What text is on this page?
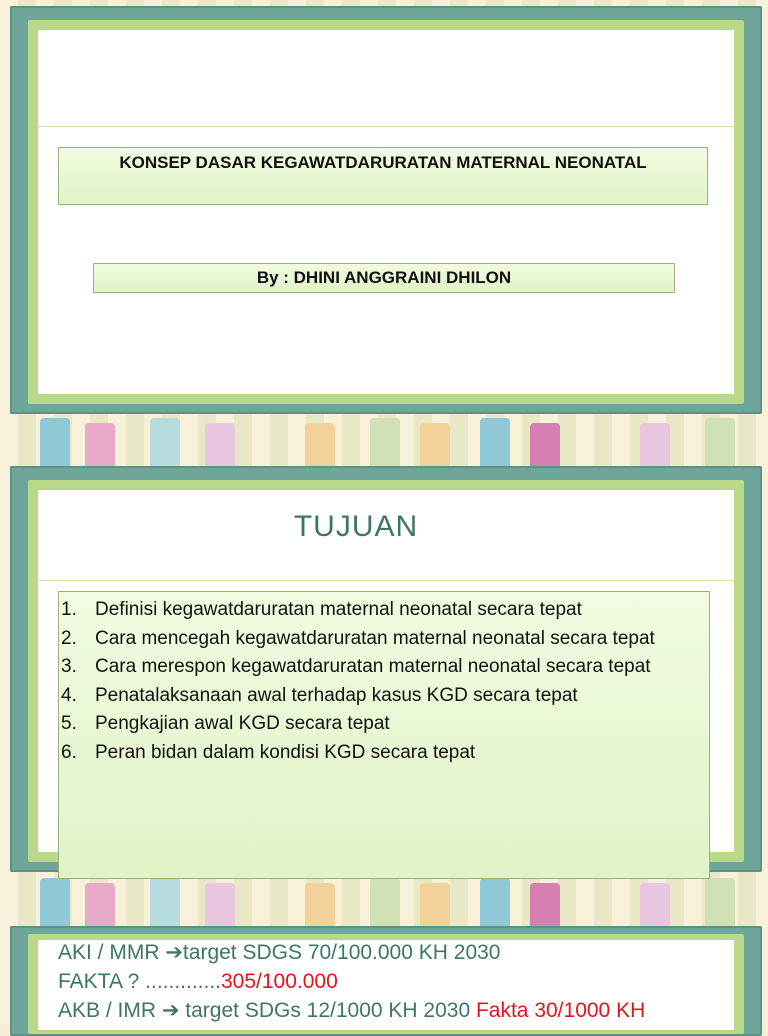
KONSEP DASAR KEGAWATDARURATAN MATERNAL NEONATAL
By : DHINI ANGGRAINI DHILON
TUJUAN
1. Definisi kegawatdaruratan maternal neonatal secara tepat
2. Cara mencegah kegawatdaruratan maternal neonatal secara tepat
3. Cara merespon kegawatdaruratan maternal neonatal secara tepat
4. Penatalaksanaan awal terhadap kasus KGD secara tepat
5. Pengkajian awal KGD secara tepat
6. Peran bidan dalam kondisi KGD secara tepat
AKI / MMR ➔target SDGS 70/100.000 KH 2030
FAKTA ? .............305/100.000
AKB / IMR ➔ target SDGs 12/1000 KH 2030 Fakta 30/1000 KH
